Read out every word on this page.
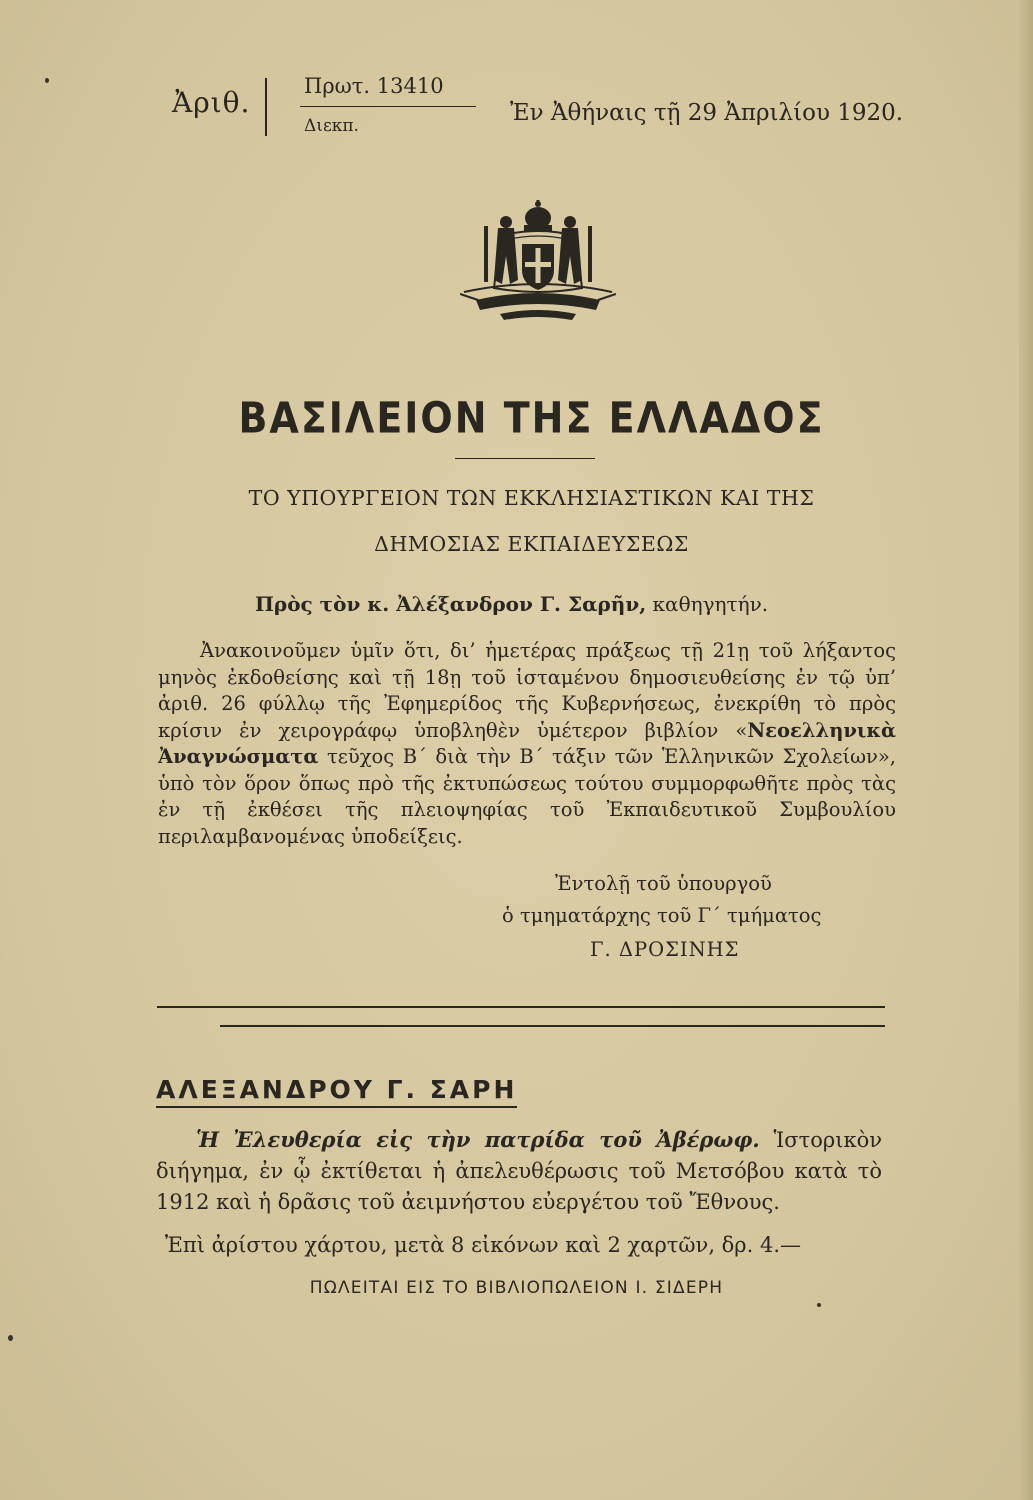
Ἀριθ.	Πρωτ. 13410
Διεκπ.	Ἐν Ἀθήναις τῇ 29 Ἀπριλίου 1920.
ΒΑΣΙΛΕΙΟΝ ΤΗΣ ΕΛΛΑΔΟΣ
ΤΟ ΥΠΟΥΡΓΕΙΟΝ ΤΩΝ ΕΚΚΛΗΣΙΑΣΤΙΚΩΝ ΚΑΙ ΤΗΣ
ΔΗΜΟΣΙΑΣ ΕΚΠΑΙΔΕΥΣΕΩΣ
Πρὸς τὸν κ. Ἀλέξανδρον Γ. Σαρῆν, καθηγητήν.
Ἀνακοινοῦμεν ὑμῖν ὅτι, δι’ ἡμετέρας πράξεως τῇ 21ῃ τοῦ λήξαντος μηνὸς ἐκδοθείσης καὶ τῇ 18ῃ τοῦ ἱσταμένου δημοσιευθείσης ἐν τῷ ὑπ’ ἀριθ. 26 φύλλῳ τῆς Ἐφημερίδος τῆς Κυβερνήσεως, ἐνεκρίθη τὸ πρὸς κρίσιν ἐν χειρογράφῳ ὑποβληθὲν ὑμέτερον βιβλίον «Νεοελληνικὰ Ἀναγνώσματα τεῦχος Β΄ διὰ τὴν Β΄ τάξιν τῶν Ἑλληνικῶν Σχολείων», ὑπὸ τὸν ὅρον ὅπως πρὸ τῆς ἐκτυπώσεως τούτου συμμορφωθῆτε πρὸς τὰς ἐν τῇ ἐκθέσει τῆς πλειοψηφίας τοῦ Ἐκπαιδευτικοῦ Συμβουλίου περιλαμβανομένας ὑποδείξεις.
Ἐντολῇ τοῦ ὑπουργοῦ
ὁ τμηματάρχης τοῦ Γ΄ τμήματος
Γ. ΔΡΟΣΙΝΗΣ
ΑΛΕΞΑΝΔΡΟΥ Γ. ΣΑΡΗ
Ἡ Ἐλευθερία εἰς τὴν πατρίδα τοῦ Ἀβέρωφ. Ἱστορικὸν διήγημα, ἐν ᾧ ἐκτίθεται ἡ ἀπελευθέρωσις τοῦ Μετσόβου κατὰ τὸ 1912 καὶ ἡ δρᾶσις τοῦ ἀειμνήστου εὐεργέτου τοῦ Ἔθνους.
Ἐπὶ ἀρίστου χάρτου, μετὰ 8 εἰκόνων καὶ 2 χαρτῶν, δρ. 4.—
ΠΩΛΕΙΤΑΙ ΕΙΣ ΤΟ ΒΙΒΛΙΟΠΩΛΕΙΟΝ Ι. ΣΙΔΕΡΗ
